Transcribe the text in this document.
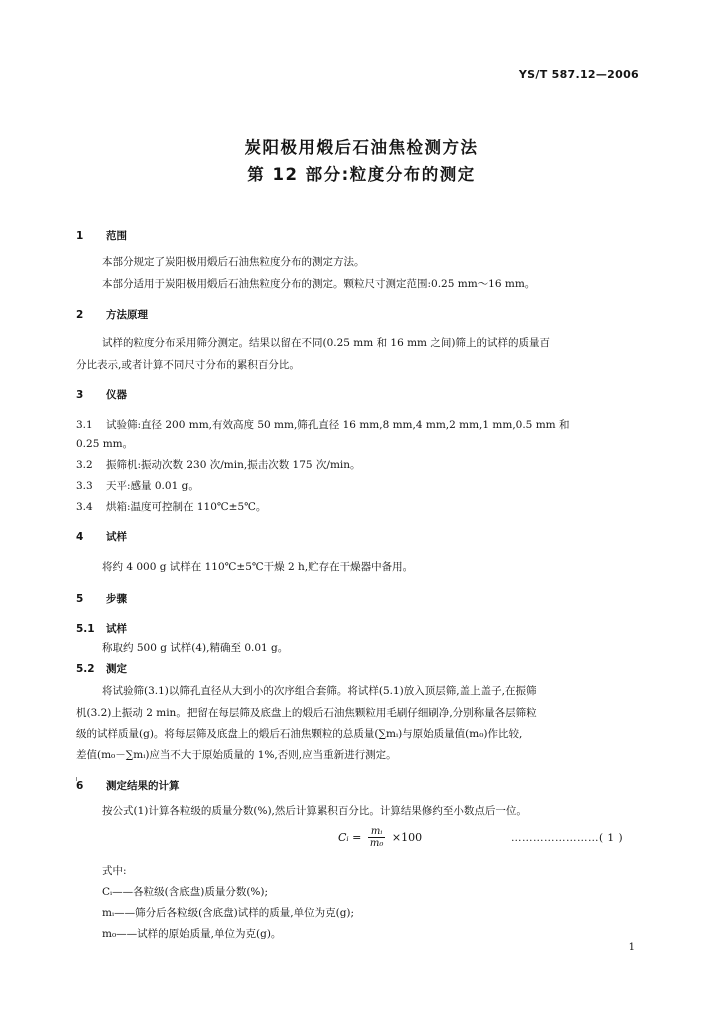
YS/T 587.12—2006
炭阳极用煅后石油焦检测方法
第 12 部分:粒度分布的测定
1 范围
本部分规定了炭阳极用煅后石油焦粒度分布的测定方法。
本部分适用于炭阳极用煅后石油焦粒度分布的测定。颗粒尺寸测定范围:0.25 mm～16 mm。
2 方法原理
试样的粒度分布采用筛分测定。结果以留在不同(0.25 mm 和 16 mm 之间)筛上的试样的质量百
分比表示,或者计算不同尺寸分布的累积百分比。
3 仪器
3.1 试验筛:直径 200 mm,有效高度 50 mm,筛孔直径 16 mm,8 mm,4 mm,2 mm,1 mm,0.5 mm 和
0.25 mm。
3.2 振筛机:振动次数 230 次/min,振击次数 175 次/min。
3.3 天平:感量 0.01 g。
3.4 烘箱:温度可控制在 110℃±5℃。
4 试样
将约 4 000 g 试样在 110℃±5℃干燥 2 h,贮存在干燥器中备用。
5 步骤
5.1 试样
称取约 500 g 试样(4),精确至 0.01 g。
5.2 测定
将试验筛(3.1)以筛孔直径从大到小的次序组合套筛。将试样(5.1)放入顶层筛,盖上盖子,在振筛
机(3.2)上振动 2 min。把留在每层筛及底盘上的煅后石油焦颗粒用毛刷仔细刷净,分别称量各层筛粒
级的试样质量(g)。将每层筛及底盘上的煅后石油焦颗粒的总质量(∑mᵢ)与原始质量值(m₀)作比较,
差值(m₀－∑mᵢ)应当不大于原始质量的 1%,否则,应当重新进行测定。
6 测定结果的计算
按公式(1)计算各粒级的质量分数(%),然后计算累积百分比。计算结果修约至小数点后一位。
Cᵢ = $\frac{\text{mᵢ}}{\text{m₀}} \times 100$	……………………( 1 )
式中:
Cᵢ——各粒级(含底盘)质量分数(%);
mᵢ——筛分后各粒级(含底盘)试样的质量,单位为克(g);
m₀——试样的原始质量,单位为克(g)。
1
